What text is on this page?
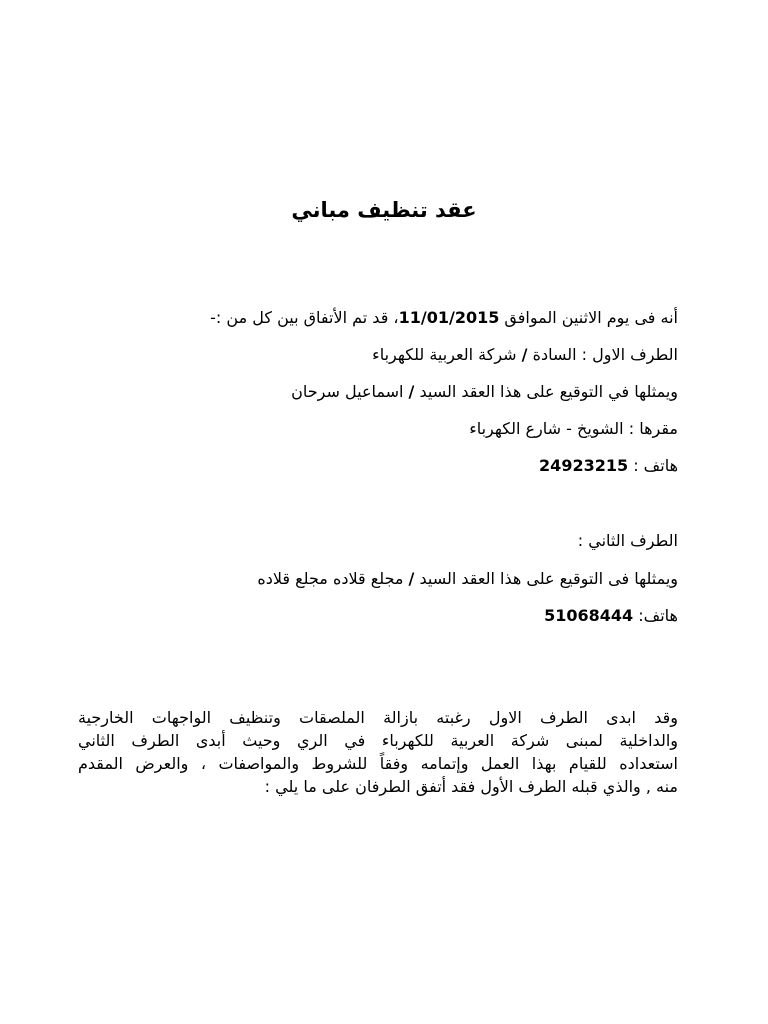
عقد تنظيف مباني
أنه فى يوم الاثنين الموافق 11/01/2015، قد تم الأتفاق بين كل من :-
الطرف الاول : السادة / شركة العربية للكهرباء
ويمثلها في التوقيع على هذا العقد السيد / اسماعيل سرحان
مقرها : الشويخ - شارع الكهرباء
هاتف : 24923215
الطرف الثاني :
ويمثلها فى التوقيع على هذا العقد السيد / مجلع قلاده مجلع قلاده
هاتف: 51068444
وقد ابدى الطرف الاول رغبته بازالة الملصقات وتنظيف الواجهات الخارجية
والداخلية لمبنى شركة العربية للكهرباء في الري وحيث أبدى الطرف الثاني
استعداده للقيام بهذا العمل وإتمامه وفقاً للشروط والمواصفات ، والعرض المقدم
منه , والذي قبله الطرف الأول فقد أتفق الطرفان على ما يلي :
